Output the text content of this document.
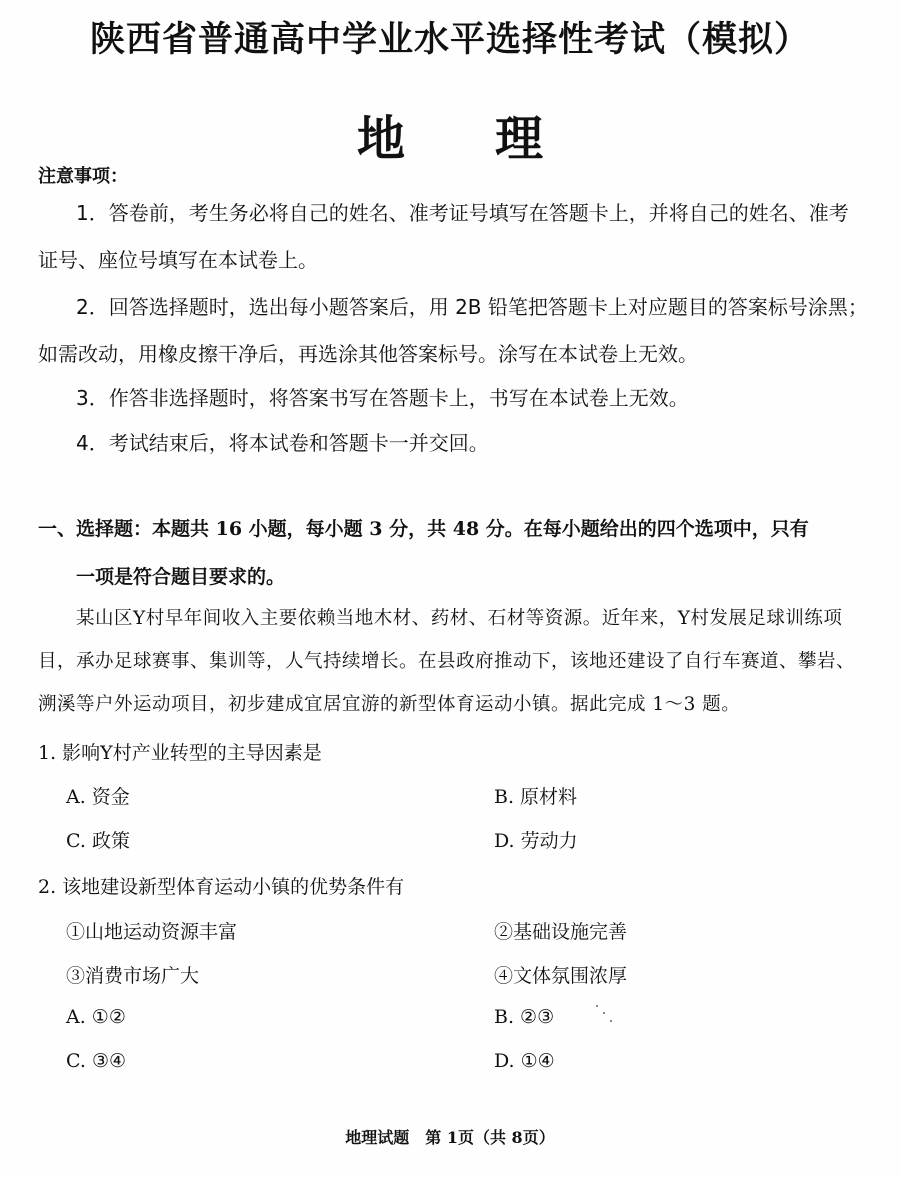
陕西省普通高中学业水平选择性考试（模拟）
地 理
注意事项：
1．答卷前，考生务必将自己的姓名、准考证号填写在答题卡上，并将自己的姓名、准考证号、座位号填写在本试卷上。
2．回答选择题时，选出每小题答案后，用 2B 铅笔把答题卡上对应题目的答案标号涂黑；如需改动，用橡皮擦干净后，再选涂其他答案标号。涂写在本试卷上无效。
3．作答非选择题时，将答案书写在答题卡上，书写在本试卷上无效。
4．考试结束后，将本试卷和答题卡一并交回。
一、选择题：本题共 16 小题，每小题 3 分，共 48 分。在每小题给出的四个选项中，只有
一项是符合题目要求的。
某山区Y村早年间收入主要依赖当地木材、药材、石材等资源。近年来，Y村发展足球训练项目，承办足球赛事、集训等，人气持续增长。在县政府推动下，该地还建设了自行车赛道、攀岩、溯溪等户外运动项目，初步建成宜居宜游的新型体育运动小镇。据此完成 1～3 题。
1. 影响Y村产业转型的主导因素是
A. 资金	B. 原材料
C. 政策	D. 劳动力
2. 该地建设新型体育运动小镇的优势条件有
①山地运动资源丰富	②基础设施完善
③消费市场广大	④文体氛围浓厚
A. ①②	B. ②③
C. ③④	D. ①④
地理试题　第 1页（共 8页）
